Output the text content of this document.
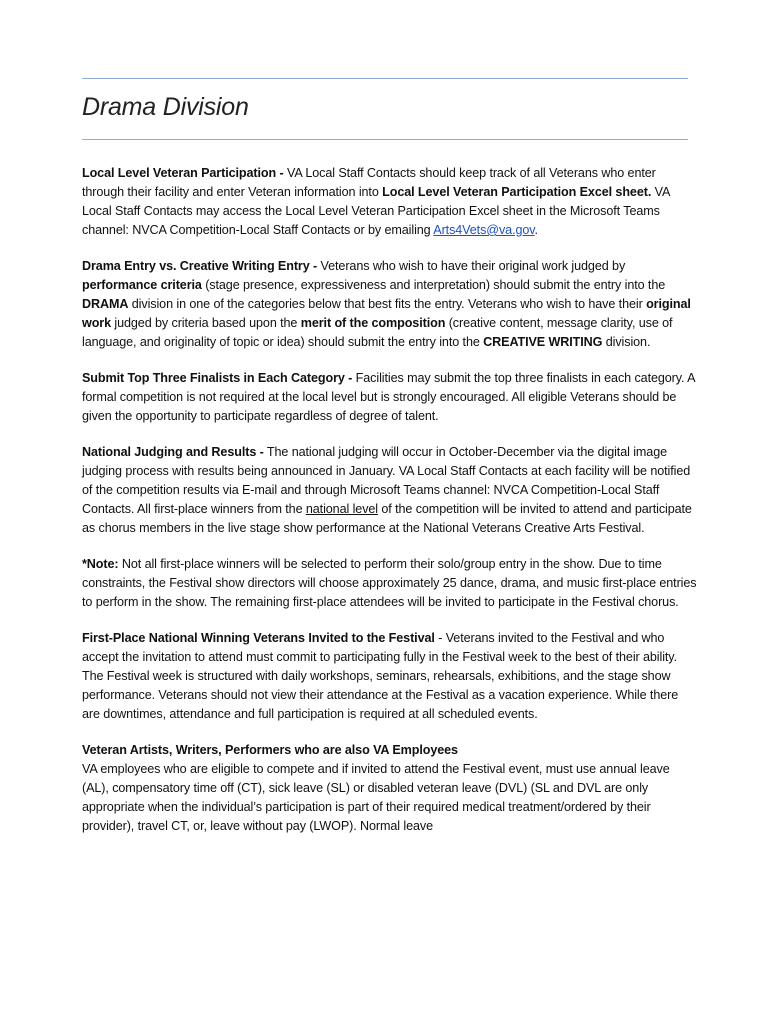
Drama Division

Local Level Veteran Participation - VA Local Staff Contacts should keep track of all Veterans who enter through their facility and enter Veteran information into Local Level Veteran Participation Excel sheet. VA Local Staff Contacts may access the Local Level Veteran Participation Excel sheet in the Microsoft Teams channel: NVCA Competition-Local Staff Contacts or by emailing Arts4Vets@va.gov.

Drama Entry vs. Creative Writing Entry - Veterans who wish to have their original work judged by performance criteria (stage presence, expressiveness and interpretation) should submit the entry into the DRAMA division in one of the categories below that best fits the entry. Veterans who wish to have their original work judged by criteria based upon the merit of the composition (creative content, message clarity, use of language, and originality of topic or idea) should submit the entry into the CREATIVE WRITING division.

Submit Top Three Finalists in Each Category - Facilities may submit the top three finalists in each category. A formal competition is not required at the local level but is strongly encouraged. All eligible Veterans should be given the opportunity to participate regardless of degree of talent.

National Judging and Results - The national judging will occur in October-December via the digital image judging process with results being announced in January. VA Local Staff Contacts at each facility will be notified of the competition results via E-mail and through Microsoft Teams channel: NVCA Competition-Local Staff Contacts. All first-place winners from the national level of the competition will be invited to attend and participate as chorus members in the live stage show performance at the National Veterans Creative Arts Festival.

*Note: Not all first-place winners will be selected to perform their solo/group entry in the show. Due to time constraints, the Festival show directors will choose approximately 25 dance, drama, and music first-place entries to perform in the show. The remaining first-place attendees will be invited to participate in the Festival chorus.

First-Place National Winning Veterans Invited to the Festival - Veterans invited to the Festival and who accept the invitation to attend must commit to participating fully in the Festival week to the best of their ability. The Festival week is structured with daily workshops, seminars, rehearsals, exhibitions, and the stage show performance. Veterans should not view their attendance at the Festival as a vacation experience. While there are downtimes, attendance and full participation is required at all scheduled events.

Veteran Artists, Writers, Performers who are also VA Employees

VA employees who are eligible to compete and if invited to attend the Festival event, must use annual leave (AL), compensatory time off (CT), sick leave (SL) or disabled veteran leave (DVL) (SL and DVL are only appropriate when the individual’s participation is part of their required medical treatment/ordered by their provider), travel CT, or, leave without pay (LWOP). Normal leave
